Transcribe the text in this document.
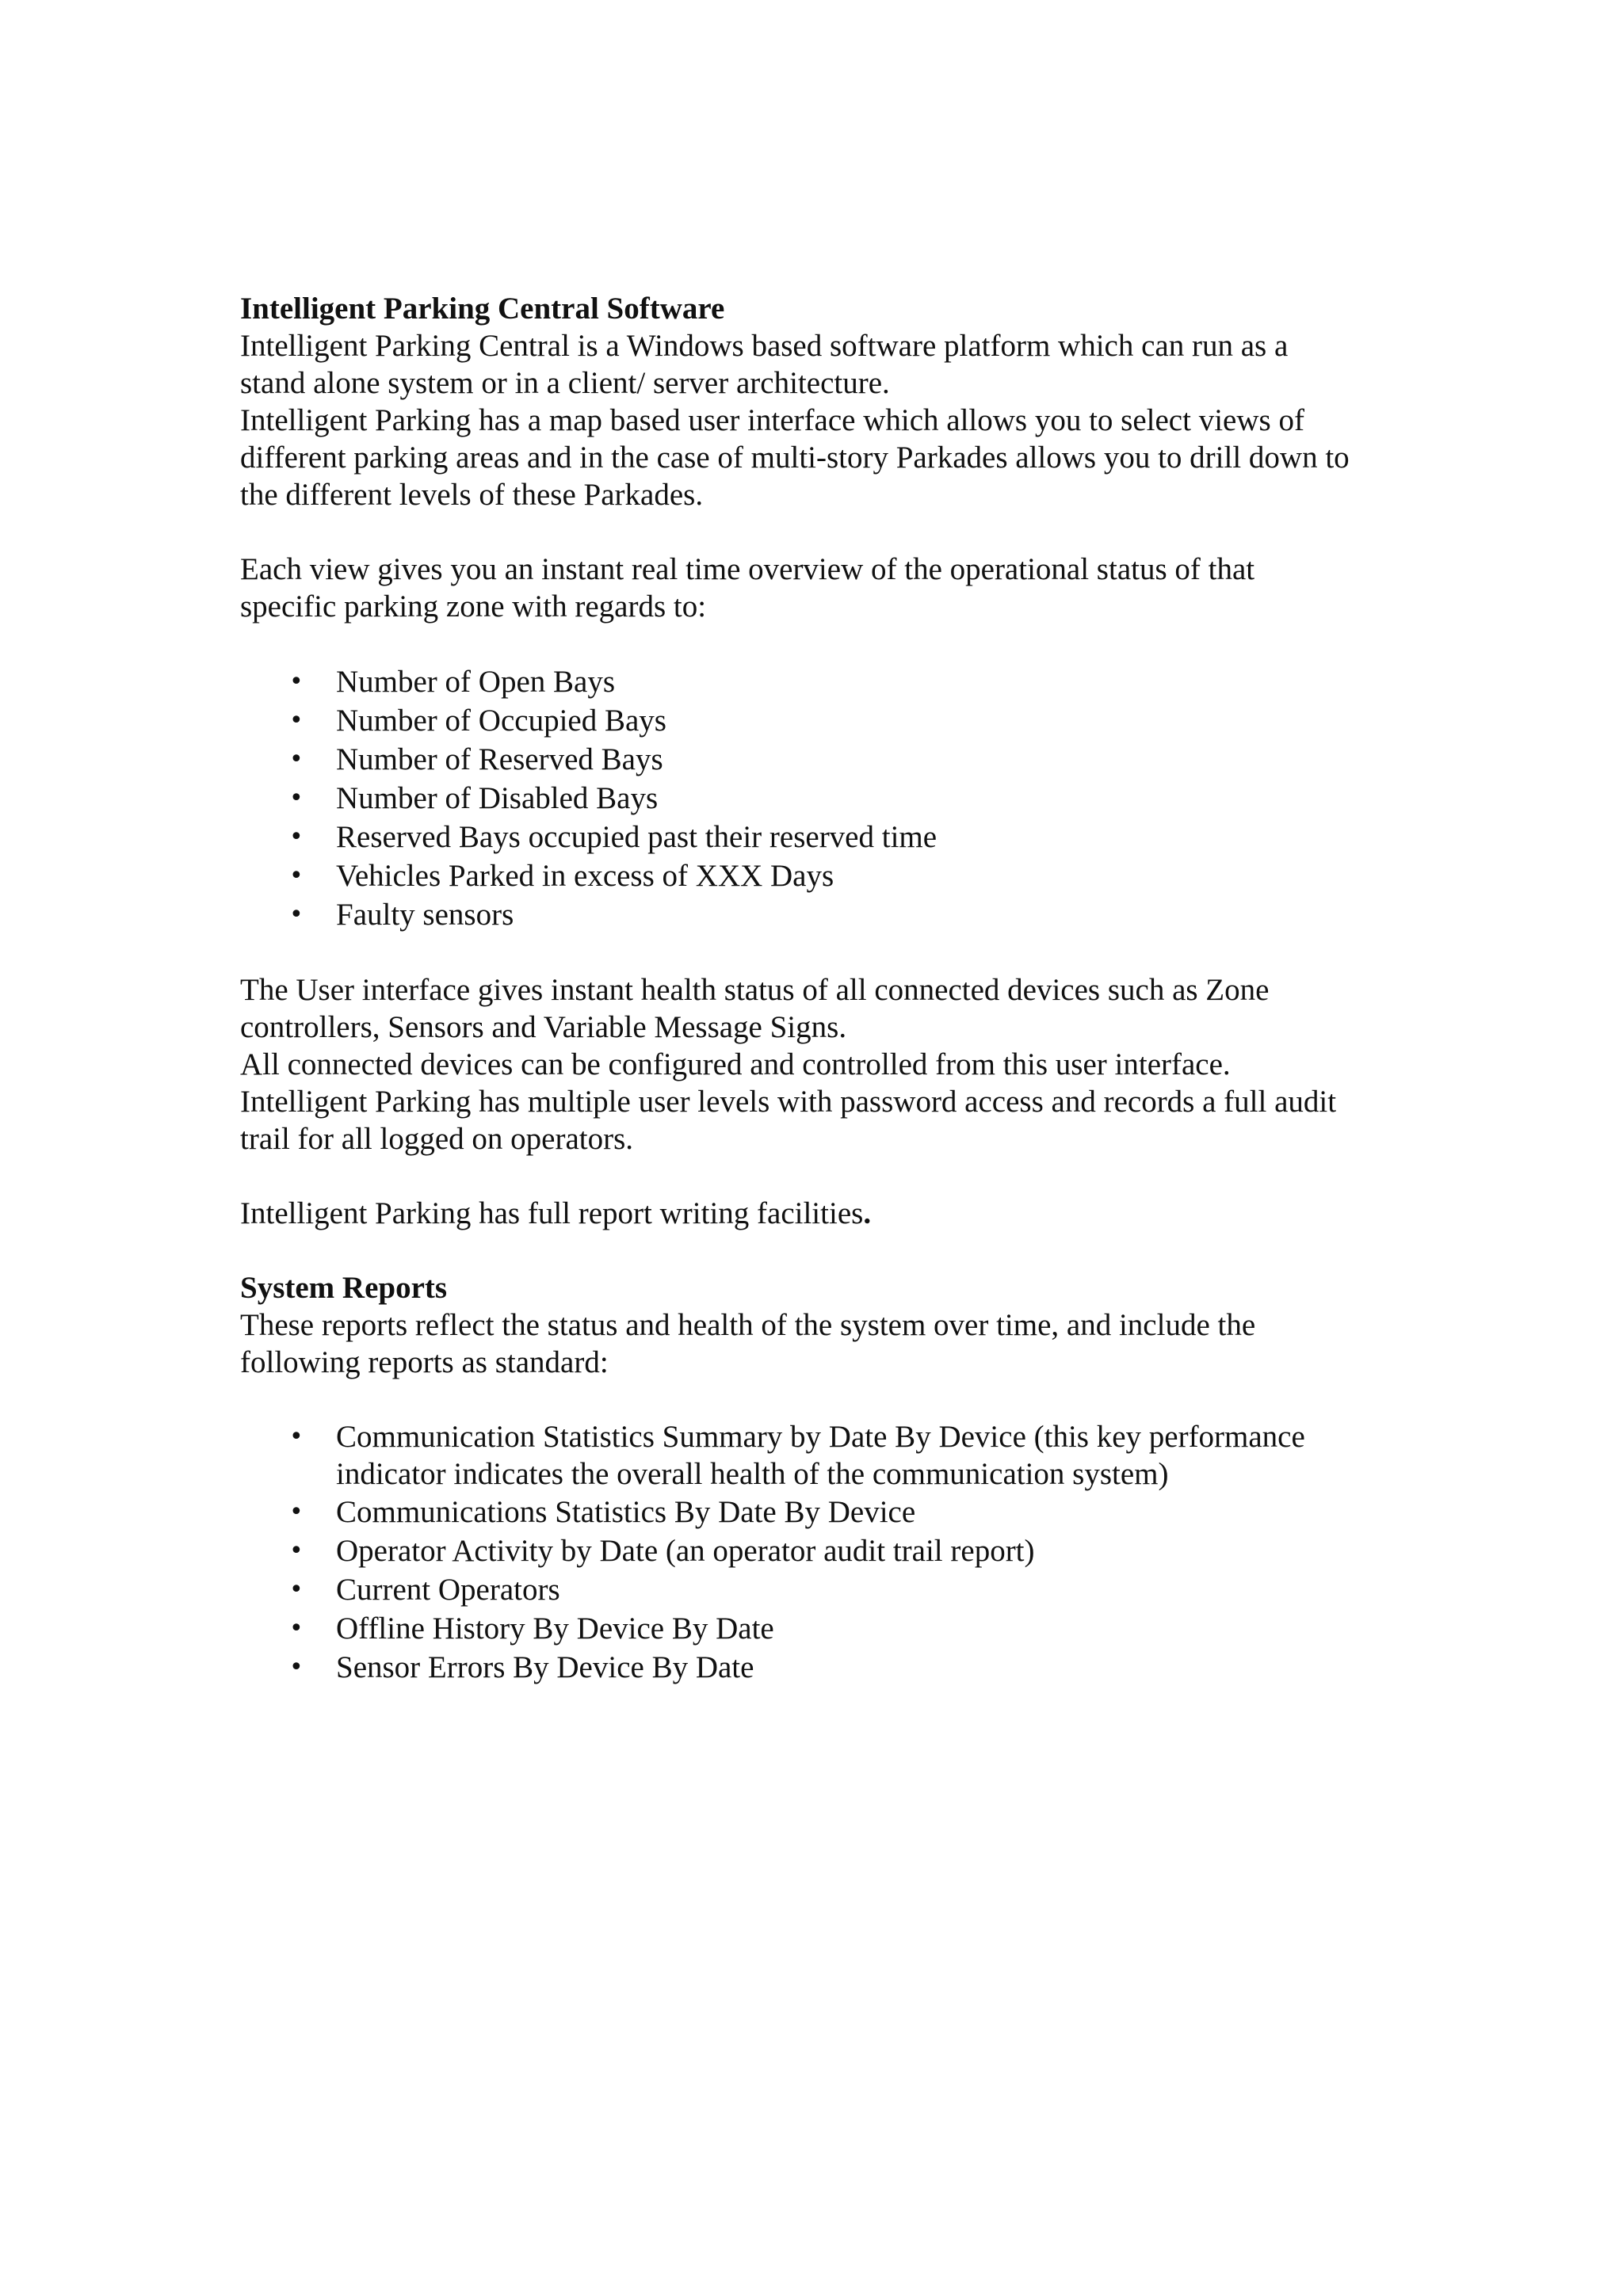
Intelligent Parking Central Software

Intelligent Parking Central is a Windows based software platform which can run as a
stand alone system or in a client/ server architecture.

Intelligent Parking has a map based user interface which allows you to select views of
different parking areas and in the case of multi-story Parkades allows you to drill down to
the different levels of these Parkades.

Each view gives you an instant real time overview of the operational status of that
specific parking zone with regards to:

• Number of Open Bays
• Number of Occupied Bays
• Number of Reserved Bays
• Number of Disabled Bays
• Reserved Bays occupied past their reserved time
• Vehicles Parked in excess of XXX Days
• Faulty sensors

The User interface gives instant health status of all connected devices such as Zone
controllers, Sensors and Variable Message Signs.
All connected devices can be configured and controlled from this user interface.
Intelligent Parking has multiple user levels with password access and records a full audit
trail for all logged on operators.

Intelligent Parking has full report writing facilities.

System Reports

These reports reflect the status and health of the system over time, and include the
following reports as standard:

• Communication Statistics Summary by Date By Device (this key performance indicator indicates the overall health of the communication system)
• Communications Statistics By Date By Device
• Operator Activity by Date (an operator audit trail report)
• Current Operators
• Offline History By Device By Date
• Sensor Errors By Device By Date
